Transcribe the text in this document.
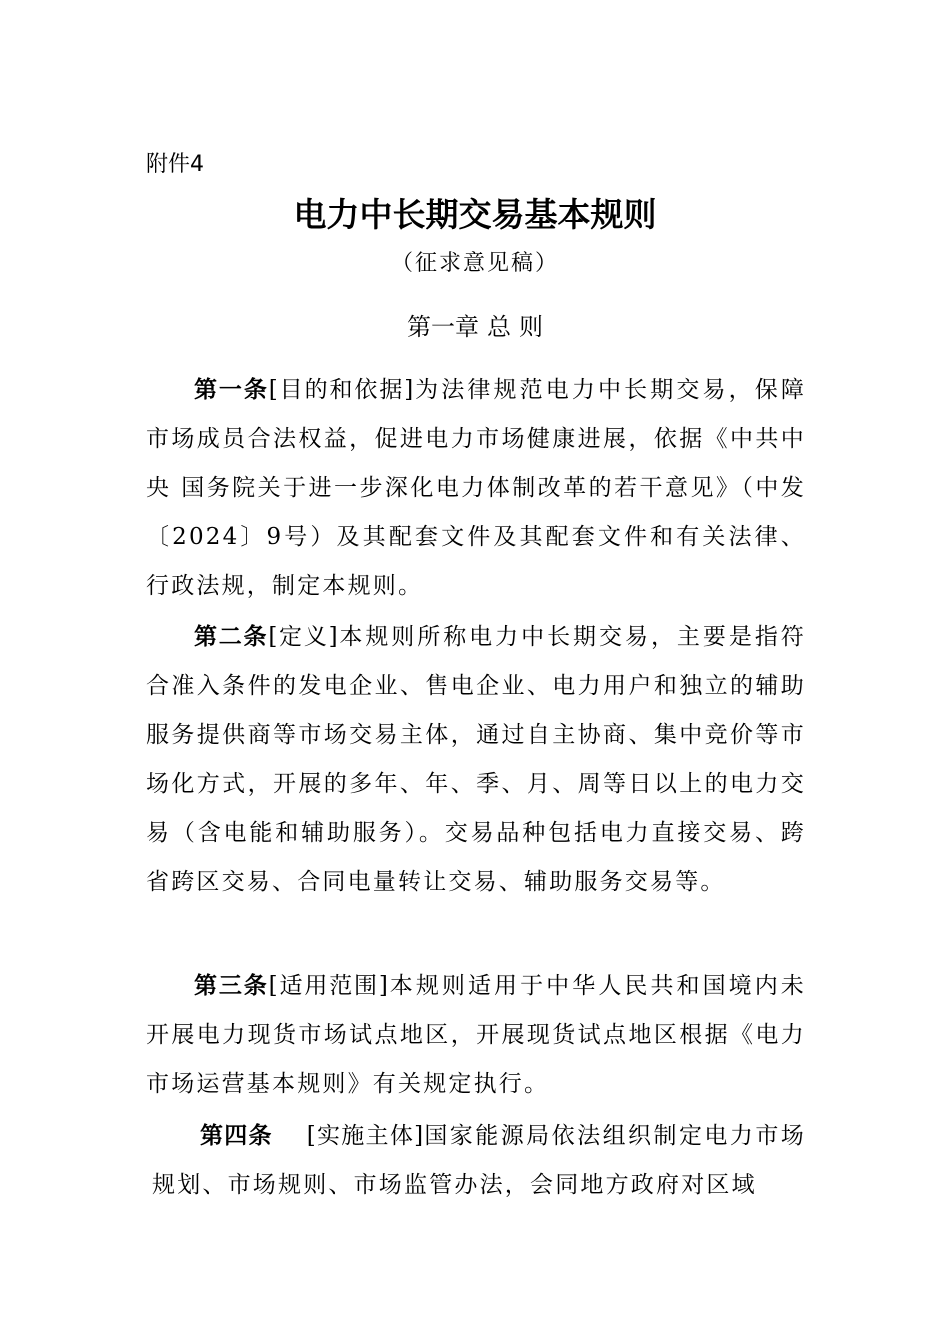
附件4
电力中长期交易基本规则
（征求意见稿）
第一章 总 则

第一条[目的和依据]为法律规范电力中长期交易，保障市场成员合法权益，促进电力市场健康进展，依据《中共中央 国务院关于进一步深化电力体制改革的若干意见》（中发〔2024〕9号）及其配套文件及其配套文件和有关法律、行政法规，制定本规则。

第二条[定义]本规则所称电力中长期交易，主要是指符合准入条件的发电企业、售电企业、电力用户和独立的辅助服务提供商等市场交易主体，通过自主协商、集中竞价等市场化方式，开展的多年、年、季、月、周等日以上的电力交易（含电能和辅助服务）。交易品种包括电力直接交易、跨省跨区交易、合同电量转让交易、辅助服务交易等。

第三条[适用范围]本规则适用于中华人民共和国境内未开展电力现货市场试点地区，开展现货试点地区根据《电力市场运营基本规则》有关规定执行。

第四条 [实施主体]国家能源局依法组织制定电力市场规划、市场规则、市场监管办法，会同地方政府对区域
